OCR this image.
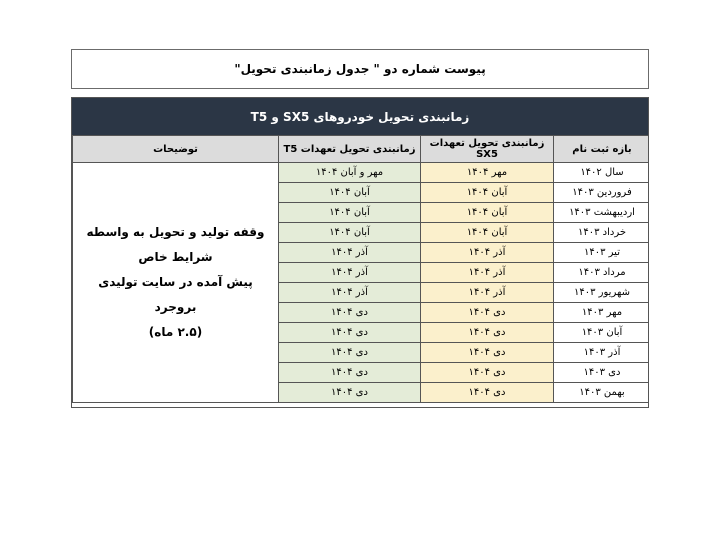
پیوست شماره دو " جدول زمانبندی تحویل"
زمانبندی تحویل خودروهای SX5 و T5
بازه ثبت نام	زمانبندی تحویل تعهدات SX5	زمانبندی تحویل تعهدات T5	توضیحات
سال ۱۴۰۲	مهر ۱۴۰۴	مهر و آبان ۱۴۰۴	وقفه تولید و تحویل به واسطه شرایط خاص
پیش آمده در سایت تولیدی بروجرد
(۲.۵ ماه)

فروردین ۱۴۰۳	آبان ۱۴۰۴	آبان ۱۴۰۴	
اردیبهشت ۱۴۰۳	آبان ۱۴۰۴	آبان ۱۴۰۴	
خرداد ۱۴۰۳	آبان ۱۴۰۴	آبان ۱۴۰۴	
تیر ۱۴۰۳	آذر ۱۴۰۴	آذر ۱۴۰۴	
مرداد ۱۴۰۳	آذر ۱۴۰۴	آذر ۱۴۰۴	
شهریور ۱۴۰۳	آذر ۱۴۰۴	آذر ۱۴۰۴	
مهر ۱۴۰۳	دی ۱۴۰۴	دی ۱۴۰۴	
آبان ۱۴۰۳	دی ۱۴۰۴	دی ۱۴۰۴	
آذر ۱۴۰۳	دی ۱۴۰۴	دی ۱۴۰۴	
دی ۱۴۰۳	دی ۱۴۰۴	دی ۱۴۰۴	
بهمن ۱۴۰۳	دی ۱۴۰۴	دی ۱۴۰۴	
